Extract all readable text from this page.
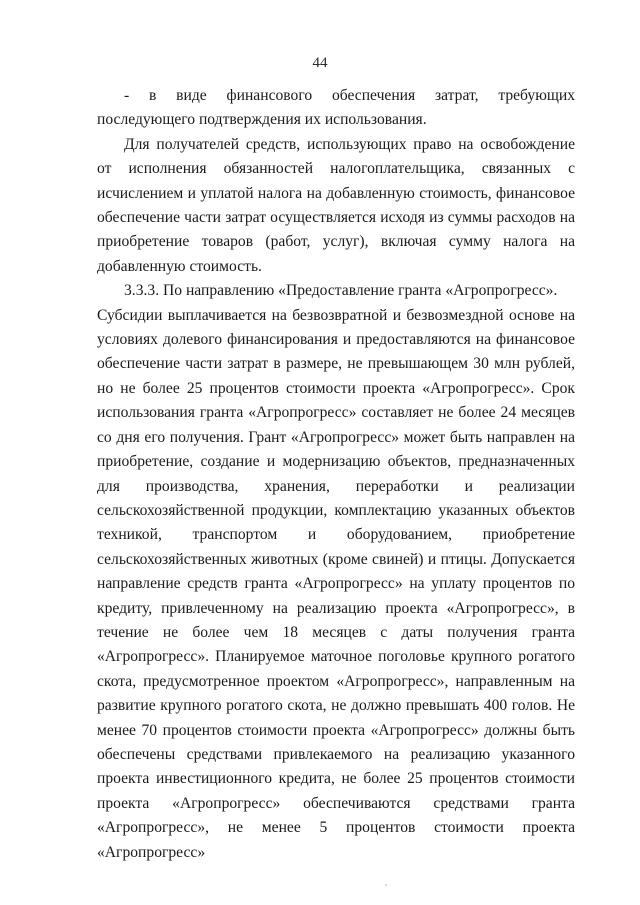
44

- в виде финансового обеспечения затрат, требующих последующего подтверждения их использования.

Для получателей средств, использующих право на освобождение от исполнения обязанностей налогоплательщика, связанных с исчислением и уплатой налога на добавленную стоимость, финансовое обеспечение части затрат осуществляется исходя из суммы расходов на приобретение товаров (работ, услуг), включая сумму налога на добавленную стоимость.

3.3.3. По направлению «Предоставление гранта «Агропрогресс».

Субсидии выплачивается на безвозвратной и безвозмездной основе на условиях долевого финансирования и предоставляются на финансовое обеспечение части затрат в размере, не превышающем 30 млн рублей, но не более 25 процентов стоимости проекта «Агропрогресс». Срок использования гранта «Агропрогресс» составляет не более 24 месяцев со дня его получения. Грант «Агропрогресс» может быть направлен на приобретение, создание и модернизацию объектов, предназначенных для производства, хранения, переработки и реализации сельскохозяйственной продукции, комплектацию указанных объектов техникой, транспортом и оборудованием, приобретение сельскохозяйственных животных (кроме свиней) и птицы. Допускается направление средств гранта «Агропрогресс» на уплату процентов по кредиту, привлеченному на реализацию проекта «Агропрогресс», в течение не более чем 18 месяцев с даты получения гранта «Агропрогресс». Планируемое маточное поголовье крупного рогатого скота, предусмотренное проектом «Агропрогресс», направленным на развитие крупного рогатого скота, не должно превышать 400 голов. Не менее 70 процентов стоимости проекта «Агропрогресс» должны быть обеспечены средствами привлекаемого на реализацию указанного проекта инвестиционного кредита, не более 25 процентов стоимости проекта «Агропрогресс» обеспечиваются средствами гранта «Агропрогресс», не менее 5 процентов стоимости проекта «Агропрогресс»
